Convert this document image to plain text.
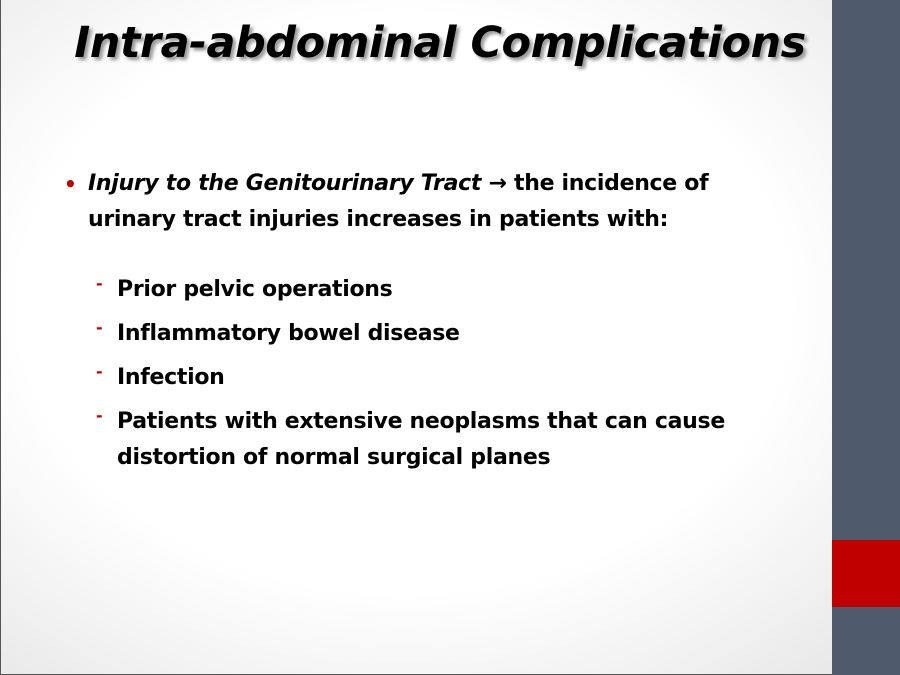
Intra-abdominal Complications
• Injury to the Genitourinary Tract → the incidence of urinary tract injuries increases in patients with:
- Prior pelvic operations
- Inflammatory bowel disease
- Infection
- Patients with extensive neoplasms that can cause distortion of normal surgical planes
